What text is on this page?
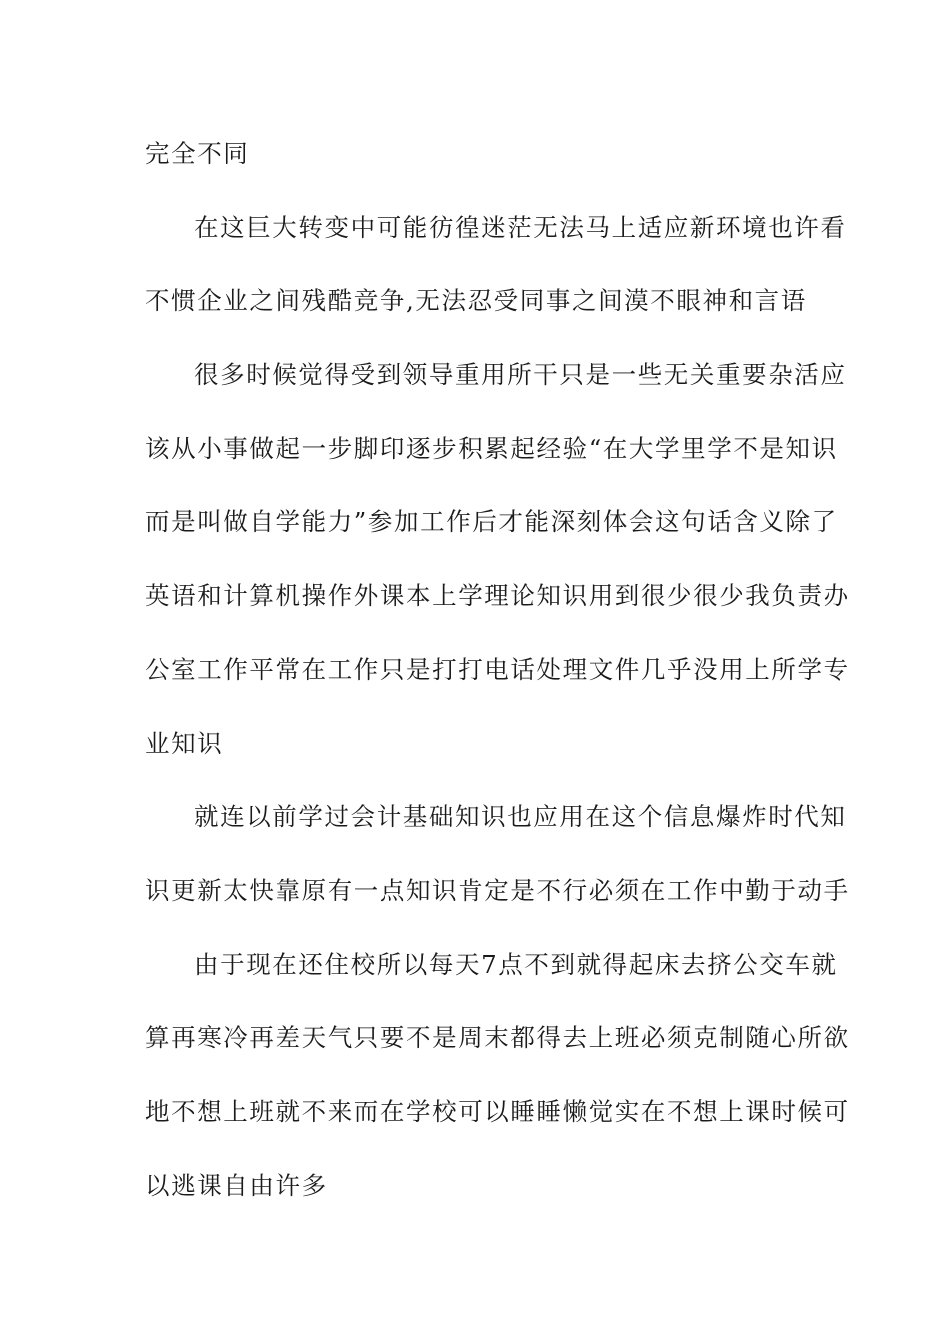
完全不同
在这巨大转变中可能彷徨迷茫无法马上适应新环境也许看
不惯企业之间残酷竞争,无法忍受同事之间漠不眼神和言语
很多时候觉得受到领导重用所干只是一些无关重要杂活应
该从小事做起一步脚印逐步积累起经验“在大学里学不是知识
而是叫做自学能力”参加工作后才能深刻体会这句话含义除了
英语和计算机操作外课本上学理论知识用到很少很少我负责办
公室工作平常在工作只是打打电话处理文件几乎没用上所学专
业知识
就连以前学过会计基础知识也应用在这个信息爆炸时代知
识更新太快靠原有一点知识肯定是不行必须在工作中勤于动手
由于现在还住校所以每天7点不到就得起床去挤公交车就
算再寒冷再差天气只要不是周末都得去上班必须克制随心所欲
地不想上班就不来而在学校可以睡睡懒觉实在不想上课时候可
以逃课自由许多
